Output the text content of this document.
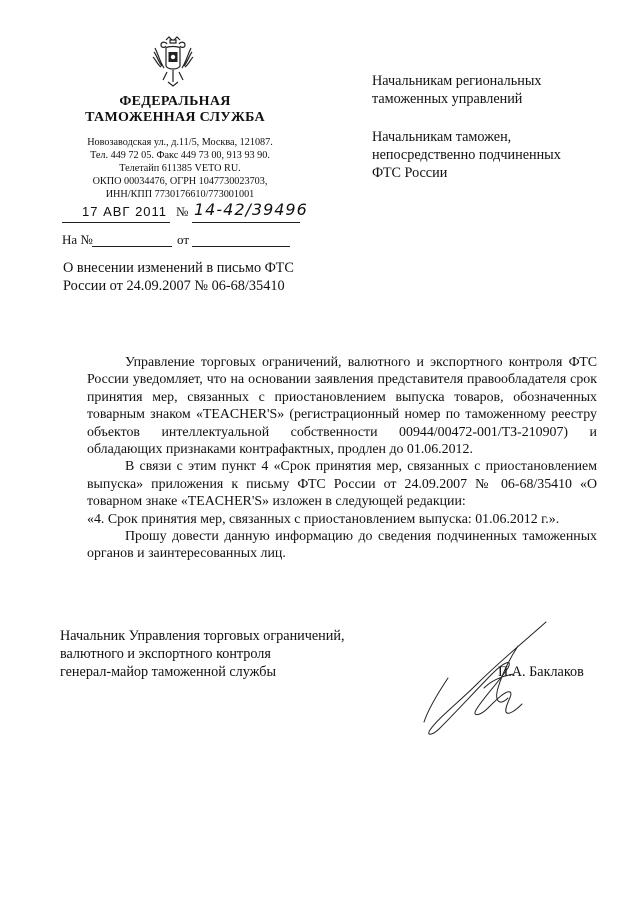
ФЕДЕРАЛЬНАЯ
ТАМОЖЕННАЯ СЛУЖБА
Новозаводская ул., д.11/5, Москва, 121087.
Тел. 449 72 05. Факс 449 73 00, 913 93 90.
Телетайп 611385 VETO RU.
ОКПО 00034476, ОГРН 1047730023703,
ИНН/КПП 7730176610/773001001
17 АВГ 2011 № 14-42/39496
На №	от
Начальникам региональных
таможенных управлений
Начальникам таможен,
непосредственно подчиненных
ФТС России
О внесении изменений в письмо ФТС
России от 24.09.2007 № 06-68/35410

Управление торговых ограничений, валютного и экспортного контроля ФТС России уведомляет, что на основании заявления представителя правообладателя срок принятия мер, связанных с приостановлением выпуска товаров, обозначенных товарным знаком «TEACHER'S» (регистрационный номер по таможенному реестру объектов интеллектуальной собственности 00944/00472-001/ТЗ-210907) и обладающих признаками контрафактных, продлен до 01.06.2012.

В связи с этим пункт 4 «Срок принятия мер, связанных с приостановлением выпуска» приложения к письму ФТС России от 24.09.2007 № 06-68/35410 «О товарном знаке «TEACHER'S» изложен в следующей редакции:

«4. Срок принятия мер, связанных с приостановлением выпуска: 01.06.2012 г.».

Прошу довести данную информацию до сведения подчиненных таможенных органов и заинтересованных лиц.

Начальник Управления торговых ограничений,
валютного и экспортного контроля
генерал-майор таможенной службы	П.А. Баклаков
